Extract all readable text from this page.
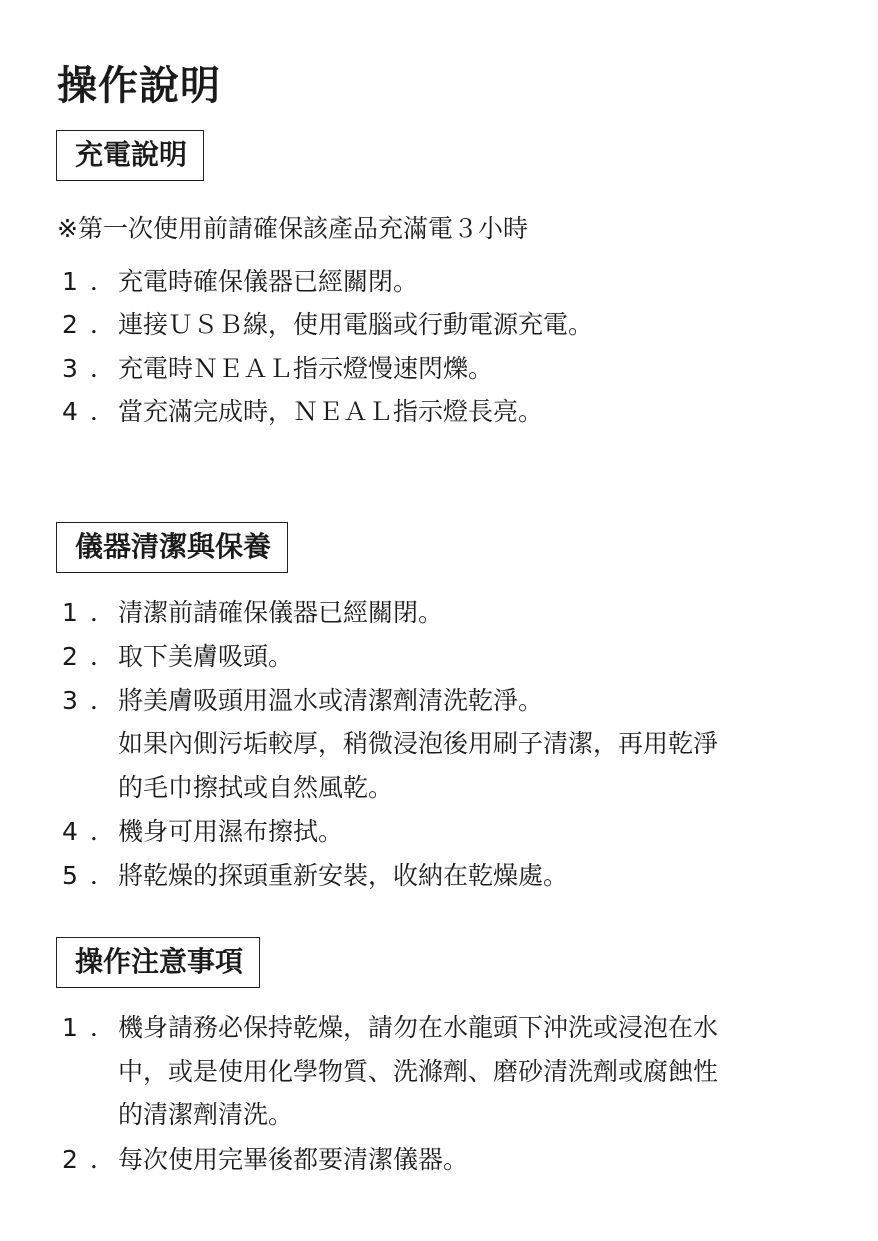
操作說明
充電說明
※第一次使用前請確保該產品充滿電３小時
1 ． 充電時確保儀器已經關閉。
2 ． 連接ＵＳＢ線，使用電腦或行動電源充電。
3 ． 充電時ＮＥＡＬ指示燈慢速閃爍。
4 ． 當充滿完成時，ＮＥＡＬ指示燈長亮。
儀器清潔與保養
1 ． 清潔前請確保儀器已經關閉。
2 ． 取下美膚吸頭。
3 ． 將美膚吸頭用溫水或清潔劑清洗乾淨。
如果內側污垢較厚，稍微浸泡後用刷子清潔，再用乾淨
的毛巾擦拭或自然風乾。
4 ． 機身可用濕布擦拭。
5 ． 將乾燥的探頭重新安裝，收納在乾燥處。
操作注意事項
1 ． 機身請務必保持乾燥，請勿在水龍頭下沖洗或浸泡在水
中，或是使用化學物質、洗滌劑、磨砂清洗劑或腐蝕性
的清潔劑清洗。
2 ． 每次使用完畢後都要清潔儀器。
